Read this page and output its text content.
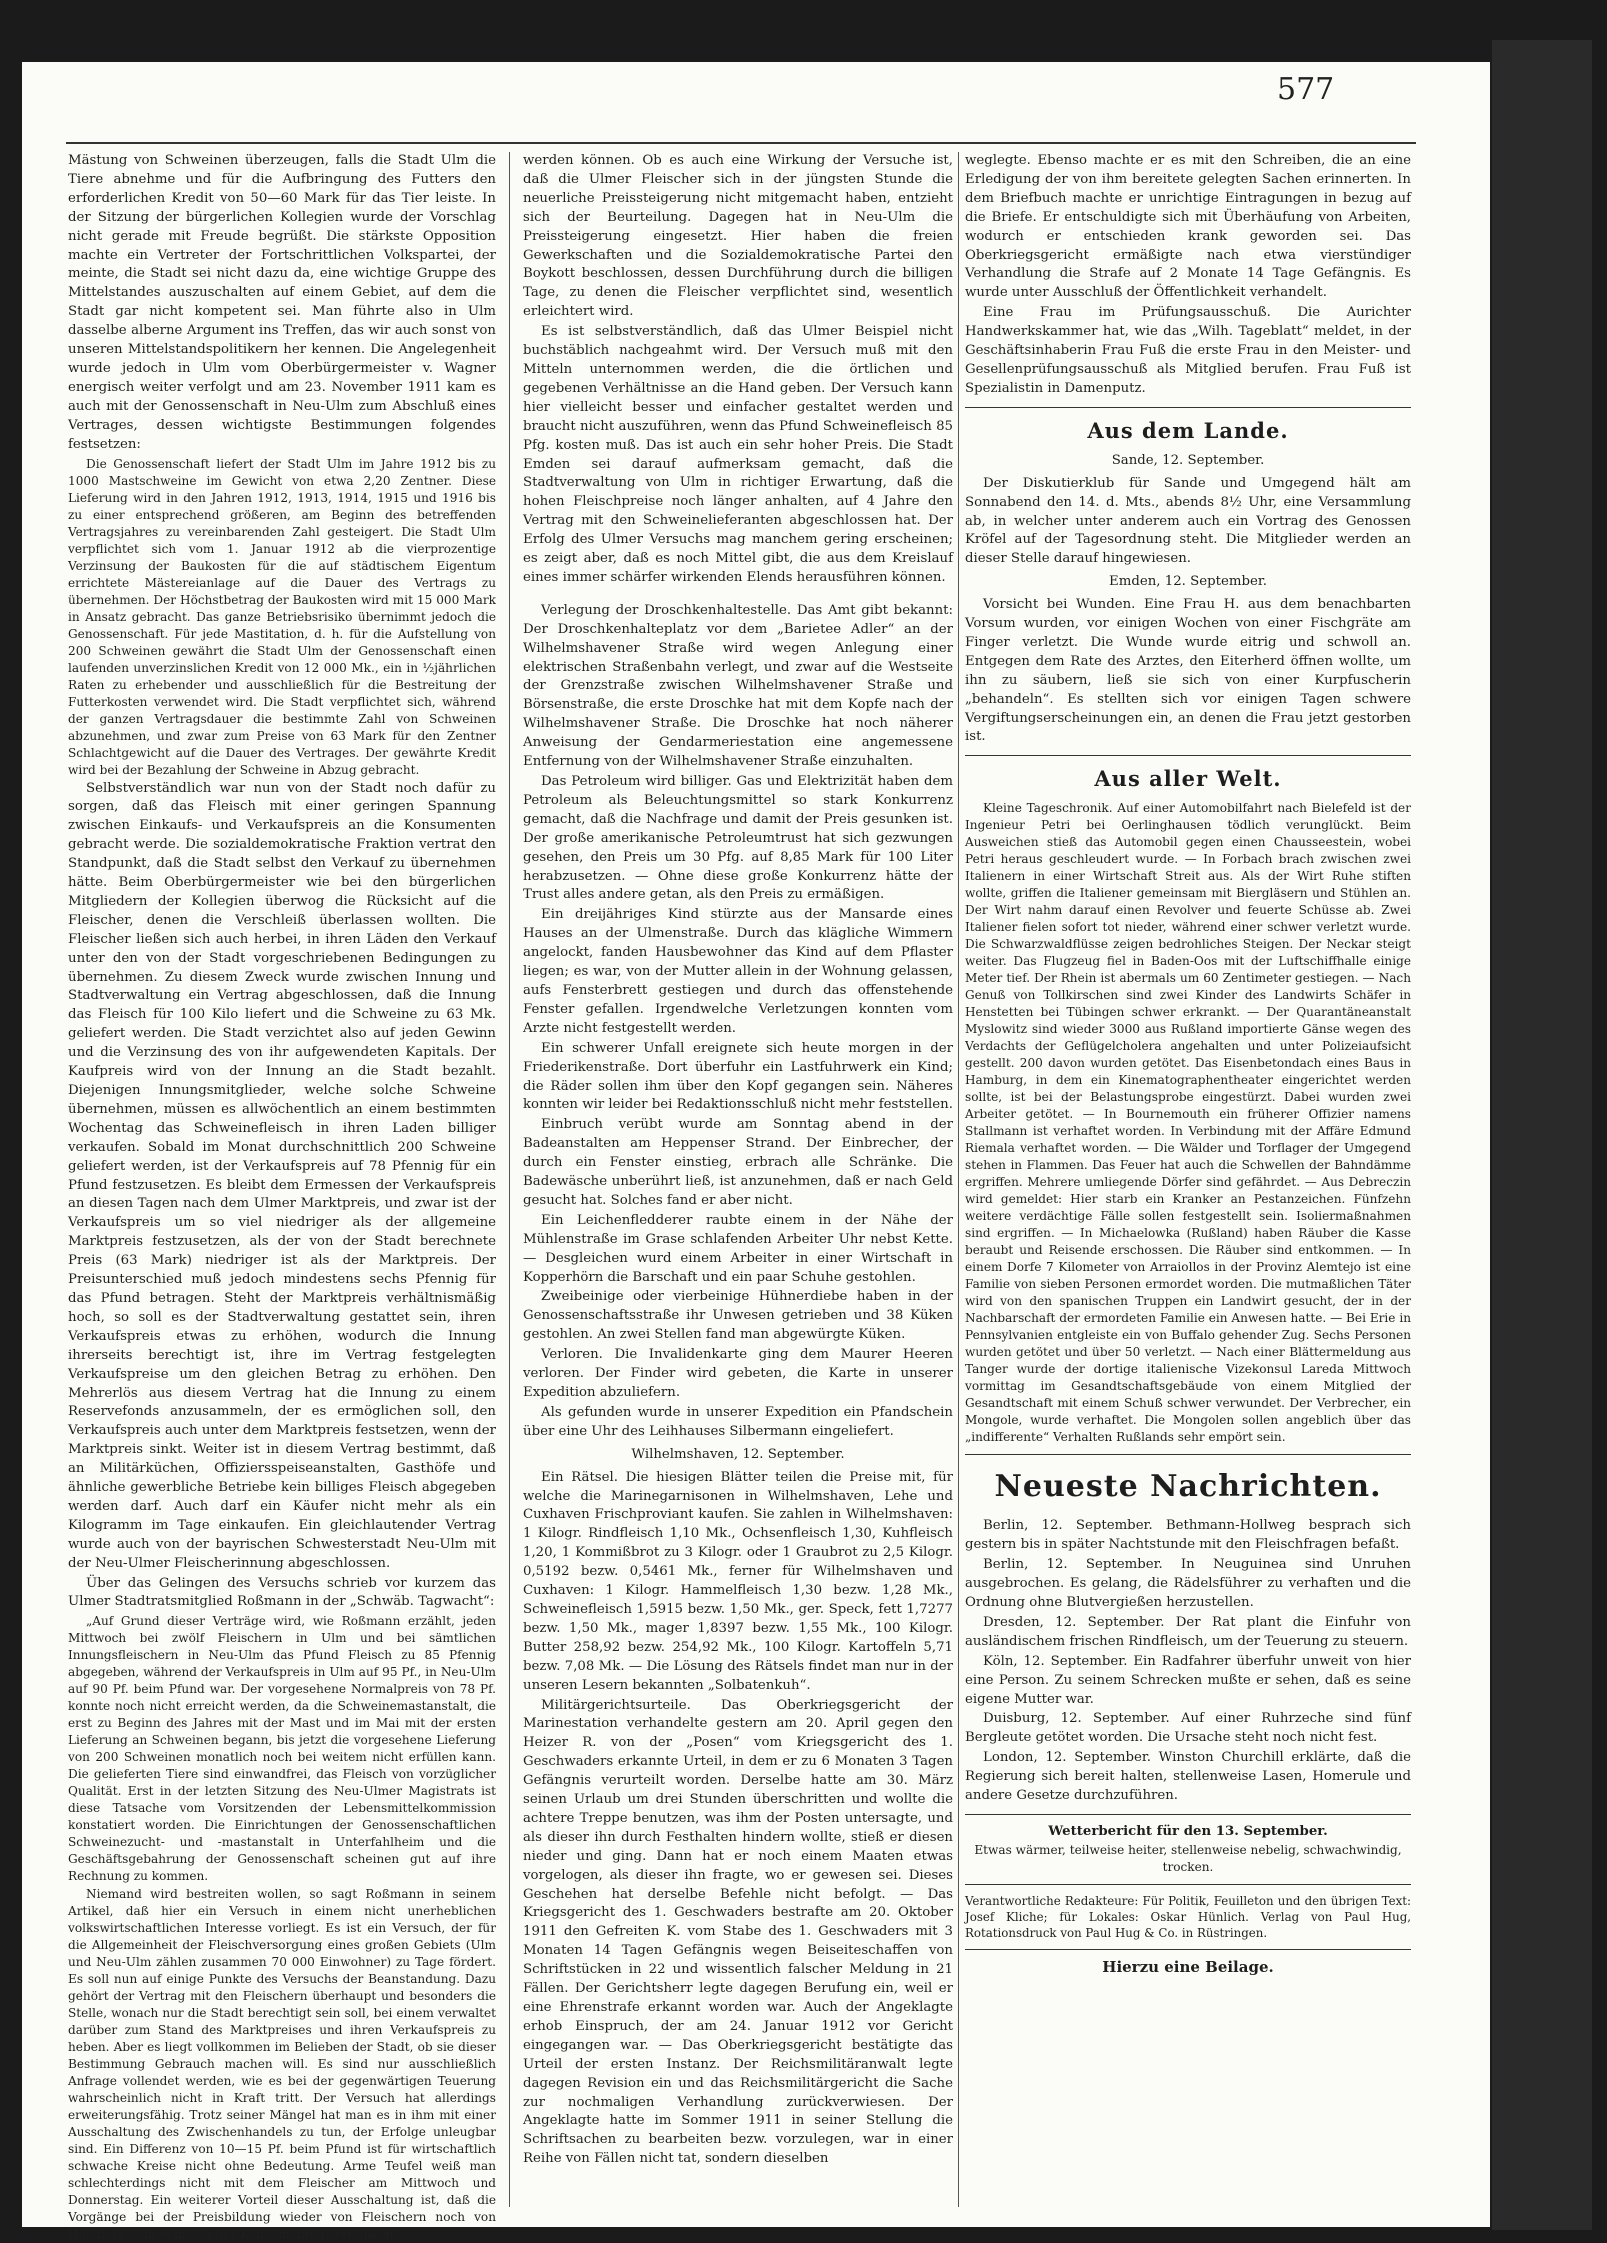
577

Mästung von Schweinen überzeugen, falls die Stadt Ulm die Tiere abnehme und für die Aufbringung des Futters den erforderlichen Kredit von 50—60 Mark für das Tier leiste. In der Sitzung der bürgerlichen Kollegien wurde der Vorschlag nicht gerade mit Freude begrüßt. Die stärkste Opposition machte ein Vertreter der Fortschrittlichen Volkspartei, der meinte, die Stadt sei nicht dazu da, eine wichtige Gruppe des Mittelstandes auszuschalten auf einem Gebiet, auf dem die Stadt gar nicht kompetent sei. Man führte also in Ulm dasselbe alberne Argument ins Treffen, das wir auch sonst von unseren Mittelstandspolitikern her kennen. Die Angelegenheit wurde jedoch in Ulm vom Oberbürgermeister v. Wagner energisch weiter verfolgt und am 23. November 1911 kam es auch mit der Genossenschaft in Neu-Ulm zum Abschluß eines Vertrages, dessen wichtigste Bestimmungen folgendes festsetzen:

Die Genossenschaft liefert der Stadt Ulm im Jahre 1912 bis zu 1000 Mastschweine im Gewicht von etwa 2,20 Zentner. Diese Lieferung wird in den Jahren 1912, 1913, 1914, 1915 und 1916 bis zu einer entsprechend größeren, am Beginn des betreffenden Vertragsjahres zu vereinbarenden Zahl gesteigert. Die Stadt Ulm verpflichtet sich vom 1. Januar 1912 ab die vierprozentige Verzinsung der Baukosten für die auf städtischem Eigentum errichtete Mästereianlage auf die Dauer des Vertrags zu übernehmen. Der Höchstbetrag der Baukosten wird mit 15 000 Mark in Ansatz gebracht. Das ganze Betriebsrisiko übernimmt jedoch die Genossenschaft. Für jede Mastitation, d. h. für die Aufstellung von 200 Schweinen gewährt die Stadt Ulm der Genossenschaft einen laufenden unverzinslichen Kredit von 12 000 Mk., ein in ½jährlichen Raten zu erhebender und ausschließlich für die Bestreitung der Futterkosten verwendet wird. Die Stadt verpflichtet sich, während der ganzen Vertragsdauer die bestimmte Zahl von Schweinen abzunehmen, und zwar zum Preise von 63 Mark für den Zentner Schlachtgewicht auf die Dauer des Vertrages. Der gewährte Kredit wird bei der Bezahlung der Schweine in Abzug gebracht.

Selbstverständlich war nun von der Stadt noch dafür zu sorgen, daß das Fleisch mit einer geringen Spannung zwischen Einkaufs- und Verkaufspreis an die Konsumenten gebracht werde. Die sozialdemokratische Fraktion vertrat den Standpunkt, daß die Stadt selbst den Verkauf zu übernehmen hätte. Beim Oberbürgermeister wie bei den bürgerlichen Mitgliedern der Kollegien überwog die Rücksicht auf die Fleischer, denen die Verschleiß überlassen wollten. Die Fleischer ließen sich auch herbei, in ihren Läden den Verkauf unter den von der Stadt vorgeschriebenen Bedingungen zu übernehmen. Zu diesem Zweck wurde zwischen Innung und Stadtverwaltung ein Vertrag abgeschlossen, daß die Innung das Fleisch für 100 Kilo liefert und die Schweine zu 63 Mk. geliefert werden. Die Stadt verzichtet also auf jeden Gewinn und die Verzinsung des von ihr aufgewendeten Kapitals. Der Kaufpreis wird von der Innung an die Stadt bezahlt. Diejenigen Innungsmitglieder, welche solche Schweine übernehmen, müssen es allwöchentlich an einem bestimmten Wochentag das Schweinefleisch in ihren Laden billiger verkaufen. Sobald im Monat durchschnittlich 200 Schweine geliefert werden, ist der Verkaufspreis auf 78 Pfennig für ein Pfund festzusetzen. Es bleibt dem Ermessen der Verkaufspreis an diesen Tagen nach dem Ulmer Marktpreis, und zwar ist der Verkaufspreis um so viel niedriger als der allgemeine Marktpreis festzusetzen, als der von der Stadt berechnete Preis (63 Mark) niedriger ist als der Marktpreis. Der Preisunterschied muß jedoch mindestens sechs Pfennig für das Pfund betragen. Steht der Marktpreis verhältnismäßig hoch, so soll es der Stadtverwaltung gestattet sein, ihren Verkaufspreis etwas zu erhöhen, wodurch die Innung ihrerseits berechtigt ist, ihre im Vertrag festgelegten Verkaufspreise um den gleichen Betrag zu erhöhen. Den Mehrerlös aus diesem Vertrag hat die Innung zu einem Reservefonds anzusammeln, der es ermöglichen soll, den Verkaufspreis auch unter dem Marktpreis festsetzen, wenn der Marktpreis sinkt. Weiter ist in diesem Vertrag bestimmt, daß an Militärküchen, Offiziersspeiseanstalten, Gasthöfe und ähnliche gewerbliche Betriebe kein billiges Fleisch abgegeben werden darf. Auch darf ein Käufer nicht mehr als ein Kilogramm im Tage einkaufen. Ein gleichlautender Vertrag wurde auch von der bayrischen Schwesterstadt Neu-Ulm mit der Neu-Ulmer Fleischerinnung abgeschlossen.

Über das Gelingen des Versuchs schrieb vor kurzem das Ulmer Stadtratsmitglied Roßmann in der „Schwäb. Tagwacht“:

„Auf Grund dieser Verträge wird, wie Roßmann erzählt, jeden Mittwoch bei zwölf Fleischern in Ulm und bei sämtlichen Innungsfleischern in Neu-Ulm das Pfund Fleisch zu 85 Pfennig abgegeben, während der Verkaufspreis in Ulm auf 95 Pf., in Neu-Ulm auf 90 Pf. beim Pfund war. Der vorgesehene Normalpreis von 78 Pf. konnte noch nicht erreicht werden, da die Schweinemastanstalt, die erst zu Beginn des Jahres mit der Mast und im Mai mit der ersten Lieferung an Schweinen begann, bis jetzt die vorgesehene Lieferung von 200 Schweinen monatlich noch bei weitem nicht erfüllen kann. Die gelieferten Tiere sind einwandfrei, das Fleisch von vorzüglicher Qualität. Erst in der letzten Sitzung des Neu-Ulmer Magistrats ist diese Tatsache vom Vorsitzenden der Lebensmittelkommission konstatiert worden. Die Einrichtungen der Genossenschaftlichen Schweinezucht- und -mastanstalt in Unterfahlheim und die Geschäftsgebahrung der Genossenschaft scheinen gut auf ihre Rechnung zu kommen.

Niemand wird bestreiten wollen, so sagt Roßmann in seinem Artikel, daß hier ein Versuch in einem nicht unerheblichen volkswirtschaftlichen Interesse vorliegt. Es ist ein Versuch, der für die Allgemeinheit der Fleischversorgung eines großen Gebiets (Ulm und Neu-Ulm zählen zusammen 70 000 Einwohner) zu Tage fördert. Es soll nun auf einige Punkte des Versuchs der Beanstandung. Dazu gehört der Vertrag mit den Fleischern überhaupt und besonders die Stelle, wonach nur die Stadt berechtigt sein soll, bei einem verwaltet darüber zum Stand des Marktpreises und ihren Verkaufspreis zu heben. Aber es liegt vollkommen im Belieben der Stadt, ob sie dieser Bestimmung Gebrauch machen will. Es sind nur ausschließlich Anfrage vollendet werden, wie es bei der gegenwärtigen Teuerung wahrscheinlich nicht in Kraft tritt. Der Versuch hat allerdings erweiterungsfähig. Trotz seiner Mängel hat man es in ihm mit einer Ausschaltung des Zwischenhandels zu tun, der Erfolge unleugbar sind. Ein Differenz von 10—15 Pf. beim Pfund ist für wirtschaftlich schwache Kreise nicht ohne Bedeutung. Arme Teufel weiß man schlechterdings nicht mit dem Fleischer am Mittwoch und Donnerstag. Ein weiterer Vorteil dieser Ausschaltung ist, daß die Vorgänge bei der Preisbildung wieder von Fleischern noch von Händlern zum Schaden der Konsumenten verdunkelt

werden können. Ob es auch eine Wirkung der Versuche ist, daß die Ulmer Fleischer sich in der jüngsten Stunde die neuerliche Preissteigerung nicht mitgemacht haben, entzieht sich der Beurteilung. Dagegen hat in Neu-Ulm die Preissteigerung eingesetzt. Hier haben die freien Gewerkschaften und die Sozialdemokratische Partei den Boykott beschlossen, dessen Durchführung durch die billigen Tage, zu denen die Fleischer verpflichtet sind, wesentlich erleichtert wird.

Es ist selbstverständlich, daß das Ulmer Beispiel nicht buchstäblich nachgeahmt wird. Der Versuch muß mit den Mitteln unternommen werden, die die örtlichen und gegebenen Verhältnisse an die Hand geben. Der Versuch kann hier vielleicht besser und einfacher gestaltet werden und braucht nicht auszuführen, wenn das Pfund Schweinefleisch 85 Pfg. kosten muß. Das ist auch ein sehr hoher Preis. Die Stadt Emden sei darauf aufmerksam gemacht, daß die Stadtverwaltung von Ulm in richtiger Erwartung, daß die hohen Fleischpreise noch länger anhalten, auf 4 Jahre den Vertrag mit den Schweinelieferanten abgeschlossen hat. Der Erfolg des Ulmer Versuchs mag manchem gering erscheinen; es zeigt aber, daß es noch Mittel gibt, die aus dem Kreislauf eines immer schärfer wirkenden Elends herausführen können.

Verlegung der Droschkenhaltestelle. Das Amt gibt bekannt: Der Droschkenhalteplatz vor dem „Barietee Adler“ an der Wilhelmshavener Straße wird wegen Anlegung einer elektrischen Straßenbahn verlegt, und zwar auf die Westseite der Grenzstraße zwischen Wilhelmshavener Straße und Börsenstraße, die erste Droschke hat mit dem Kopfe nach der Wilhelmshavener Straße. Die Droschke hat noch näherer Anweisung der Gendarmeriestation eine angemessene Entfernung von der Wilhelmshavener Straße einzuhalten.

Das Petroleum wird billiger. Gas und Elektrizität haben dem Petroleum als Beleuchtungsmittel so stark Konkurrenz gemacht, daß die Nachfrage und damit der Preis gesunken ist. Der große amerikanische Petroleumtrust hat sich gezwungen gesehen, den Preis um 30 Pfg. auf 8,85 Mark für 100 Liter herabzusetzen. — Ohne diese große Konkurrenz hätte der Trust alles andere getan, als den Preis zu ermäßigen.

Ein dreijähriges Kind stürzte aus der Mansarde eines Hauses an der Ulmenstraße. Durch das klägliche Wimmern angelockt, fanden Hausbewohner das Kind auf dem Pflaster liegen; es war, von der Mutter allein in der Wohnung gelassen, aufs Fensterbrett gestiegen und durch das offenstehende Fenster gefallen. Irgendwelche Verletzungen konnten vom Arzte nicht festgestellt werden.

Ein schwerer Unfall ereignete sich heute morgen in der Friederikenstraße. Dort überfuhr ein Lastfuhrwerk ein Kind; die Räder sollen ihm über den Kopf gegangen sein. Näheres konnten wir leider bei Redaktionsschluß nicht mehr feststellen.

Einbruch verübt wurde am Sonntag abend in der Badeanstalten am Heppenser Strand. Der Einbrecher, der durch ein Fenster einstieg, erbrach alle Schränke. Die Badewäsche unberührt ließ, ist anzunehmen, daß er nach Geld gesucht hat. Solches fand er aber nicht.

Ein Leichenfledderer raubte einem in der Nähe der Mühlenstraße im Grase schlafenden Arbeiter Uhr nebst Kette. — Desgleichen wurd einem Arbeiter in einer Wirtschaft in Kopperhörn die Barschaft und ein paar Schuhe gestohlen.

Zweibeinige oder vierbeinige Hühnerdiebe haben in der Genossenschaftsstraße ihr Unwesen getrieben und 38 Küken gestohlen. An zwei Stellen fand man abgewürgte Küken.

Verloren. Die Invalidenkarte ging dem Maurer Heeren verloren. Der Finder wird gebeten, die Karte in unserer Expedition abzuliefern.

Als gefunden wurde in unserer Expedition ein Pfandschein über eine Uhr des Leihhauses Silbermann eingeliefert.

Wilhelmshaven, 12. September.

Ein Rätsel. Die hiesigen Blätter teilen die Preise mit, für welche die Marinegarnisonen in Wilhelmshaven, Lehe und Cuxhaven Frischproviant kaufen. Sie zahlen in Wilhelmshaven: 1 Kilogr. Rindfleisch 1,10 Mk., Ochsenfleisch 1,30, Kuhfleisch 1,20, 1 Kommißbrot zu 3 Kilogr. oder 1 Graubrot zu 2,5 Kilogr. 0,5192 bezw. 0,5461 Mk., ferner für Wilhelmshaven und Cuxhaven: 1 Kilogr. Hammelfleisch 1,30 bezw. 1,28 Mk., Schweinefleisch 1,5915 bezw. 1,50 Mk., ger. Speck, fett 1,7277 bezw. 1,50 Mk., mager 1,8397 bezw. 1,55 Mk., 100 Kilogr. Butter 258,92 bezw. 254,92 Mk., 100 Kilogr. Kartoffeln 5,71 bezw. 7,08 Mk. — Die Lösung des Rätsels findet man nur in der unseren Lesern bekannten „Solbatenkuh“.

Militärgerichtsurteile. Das Oberkriegsgericht der Marinestation verhandelte gestern am 20. April gegen den Heizer R. von der „Posen“ vom Kriegsgericht des 1. Geschwaders erkannte Urteil, in dem er zu 6 Monaten 3 Tagen Gefängnis verurteilt worden. Derselbe hatte am 30. März seinen Urlaub um drei Stunden überschritten und wollte die achtere Treppe benutzen, was ihm der Posten untersagte, und als dieser ihn durch Festhalten hindern wollte, stieß er diesen nieder und ging. Dann hat er noch einem Maaten etwas vorgelogen, als dieser ihn fragte, wo er gewesen sei. Dieses Geschehen hat derselbe Befehle nicht befolgt. — Das Kriegsgericht des 1. Geschwaders bestrafte am 20. Oktober 1911 den Gefreiten K. vom Stabe des 1. Geschwaders mit 3 Monaten 14 Tagen Gefängnis wegen Beiseiteschaffen von Schriftstücken in 22 und wissentlich falscher Meldung in 21 Fällen. Der Gerichtsherr legte dagegen Berufung ein, weil er eine Ehrenstrafe erkannt worden war. Auch der Angeklagte erhob Einspruch, der am 24. Januar 1912 vor Gericht eingegangen war. — Das Oberkriegsgericht bestätigte das Urteil der ersten Instanz. Der Reichsmilitäranwalt legte dagegen Revision ein und das Reichsmilitärgericht die Sache zur nochmaligen Verhandlung zurückverwiesen. Der Angeklagte hatte im Sommer 1911 in seiner Stellung die Schriftsachen zu bearbeiten bezw. vorzulegen, war in einer Reihe von Fällen nicht tat, sondern dieselben

weglegte. Ebenso machte er es mit den Schreiben, die an eine Erledigung der von ihm bereitete gelegten Sachen erinnerten. In dem Briefbuch machte er unrichtige Eintragungen in bezug auf die Briefe. Er entschuldigte sich mit Überhäufung von Arbeiten, wodurch er entschieden krank geworden sei. Das Oberkriegsgericht ermäßigte nach etwa vierstündiger Verhandlung die Strafe auf 2 Monate 14 Tage Gefängnis. Es wurde unter Ausschluß der Öffentlichkeit verhandelt.

Eine Frau im Prüfungsausschuß. Die Aurichter Handwerkskammer hat, wie das „Wilh. Tageblatt“ meldet, in der Geschäftsinhaberin Frau Fuß die erste Frau in den Meister- und Gesellenprüfungsausschuß als Mitglied berufen. Frau Fuß ist Spezialistin in Damenputz.

Aus dem Lande.
Sande, 12. September.

Der Diskutierklub für Sande und Umgegend hält am Sonnabend den 14. d. Mts., abends 8½ Uhr, eine Versammlung ab, in welcher unter anderem auch ein Vortrag des Genossen Kröfel auf der Tagesordnung steht. Die Mitglieder werden an dieser Stelle darauf hingewiesen.

Emden, 12. September.

Vorsicht bei Wunden. Eine Frau H. aus dem benachbarten Vorsum wurden, vor einigen Wochen von einer Fischgräte am Finger verletzt. Die Wunde wurde eitrig und schwoll an. Entgegen dem Rate des Arztes, den Eiterherd öffnen wollte, um ihn zu säubern, ließ sie sich von einer Kurpfuscherin „behandeln“. Es stellten sich vor einigen Tagen schwere Vergiftungserscheinungen ein, an denen die Frau jetzt gestorben ist.

Aus aller Welt.

Kleine Tageschronik. Auf einer Automobilfahrt nach Bielefeld ist der Ingenieur Petri bei Oerlinghausen tödlich verunglückt. Beim Ausweichen stieß das Automobil gegen einen Chausseestein, wobei Petri heraus geschleudert wurde. — In Forbach brach zwischen zwei Italienern in einer Wirtschaft Streit aus. Als der Wirt Ruhe stiften wollte, griffen die Italiener gemeinsam mit Biergläsern und Stühlen an. Der Wirt nahm darauf einen Revolver und feuerte Schüsse ab. Zwei Italiener fielen sofort tot nieder, während einer schwer verletzt wurde. Die Schwarzwaldflüsse zeigen bedrohliches Steigen. Der Neckar steigt weiter. Das Flugzeug fiel in Baden-Oos mit der Luftschiffhalle einige Meter tief. Der Rhein ist abermals um 60 Zentimeter gestiegen. — Nach Genuß von Tollkirschen sind zwei Kinder des Landwirts Schäfer in Henstetten bei Tübingen schwer erkrankt. — Der Quarantäneanstalt Myslowitz sind wieder 3000 aus Rußland importierte Gänse wegen des Verdachts der Geflügelcholera angehalten und unter Polizeiaufsicht gestellt. 200 davon wurden getötet. Das Eisenbetondach eines Baus in Hamburg, in dem ein Kinematographentheater eingerichtet werden sollte, ist bei der Belastungsprobe eingestürzt. Dabei wurden zwei Arbeiter getötet. — In Bournemouth ein früherer Offizier namens Stallmann ist verhaftet worden. In Verbindung mit der Affäre Edmund Riemala verhaftet worden. — Die Wälder und Torflager der Umgegend stehen in Flammen. Das Feuer hat auch die Schwellen der Bahndämme ergriffen. Mehrere umliegende Dörfer sind gefährdet. — Aus Debreczin wird gemeldet: Hier starb ein Kranker an Pestanzeichen. Fünfzehn weitere verdächtige Fälle sollen festgestellt sein. Isoliermaßnahmen sind ergriffen. — In Michaelowka (Rußland) haben Räuber die Kasse beraubt und Reisende erschossen. Die Räuber sind entkommen. — In einem Dorfe 7 Kilometer von Arraiollos in der Provinz Alemtejo ist eine Familie von sieben Personen ermordet worden. Die mutmaßlichen Täter wird von den spanischen Truppen ein Landwirt gesucht, der in der Nachbarschaft der ermordeten Familie ein Anwesen hatte. — Bei Erie in Pennsylvanien entgleiste ein von Buffalo gehender Zug. Sechs Personen wurden getötet und über 50 verletzt. — Nach einer Blättermeldung aus Tanger wurde der dortige italienische Vizekonsul Lareda Mittwoch vormittag im Gesandtschaftsgebäude von einem Mitglied der Gesandtschaft mit einem Schuß schwer verwundet. Der Verbrecher, ein Mongole, wurde verhaftet. Die Mongolen sollen angeblich über das „indifferente“ Verhalten Rußlands sehr empört sein.

Neueste Nachrichten.

Berlin, 12. September. Bethmann-Hollweg besprach sich gestern bis in später Nachtstunde mit den Fleischfragen befaßt.

Berlin, 12. September. In Neuguinea sind Unruhen ausgebrochen. Es gelang, die Rädelsführer zu verhaften und die Ordnung ohne Blutvergießen herzustellen.

Dresden, 12. September. Der Rat plant die Einfuhr von ausländischem frischen Rindfleisch, um der Teuerung zu steuern.

Köln, 12. September. Ein Radfahrer überfuhr unweit von hier eine Person. Zu seinem Schrecken mußte er sehen, daß es seine eigene Mutter war.

Duisburg, 12. September. Auf einer Ruhrzeche sind fünf Bergleute getötet worden. Die Ursache steht noch nicht fest.

London, 12. September. Winston Churchill erklärte, daß die Regierung sich bereit halten, stellenweise Lasen, Homerule und andere Gesetze durchzuführen.

Wetterbericht für den 13. September.

Etwas wärmer, teilweise heiter, stellenweise nebelig, schwachwindig, trocken.

Verantwortliche Redakteure: Für Politik, Feuilleton und den übrigen Text: Josef Kliche; für Lokales: Oskar Hünlich. Verlag von Paul Hug, Rotationsdruck von Paul Hug & Co. in Rüstringen.

Hierzu eine Beilage.
